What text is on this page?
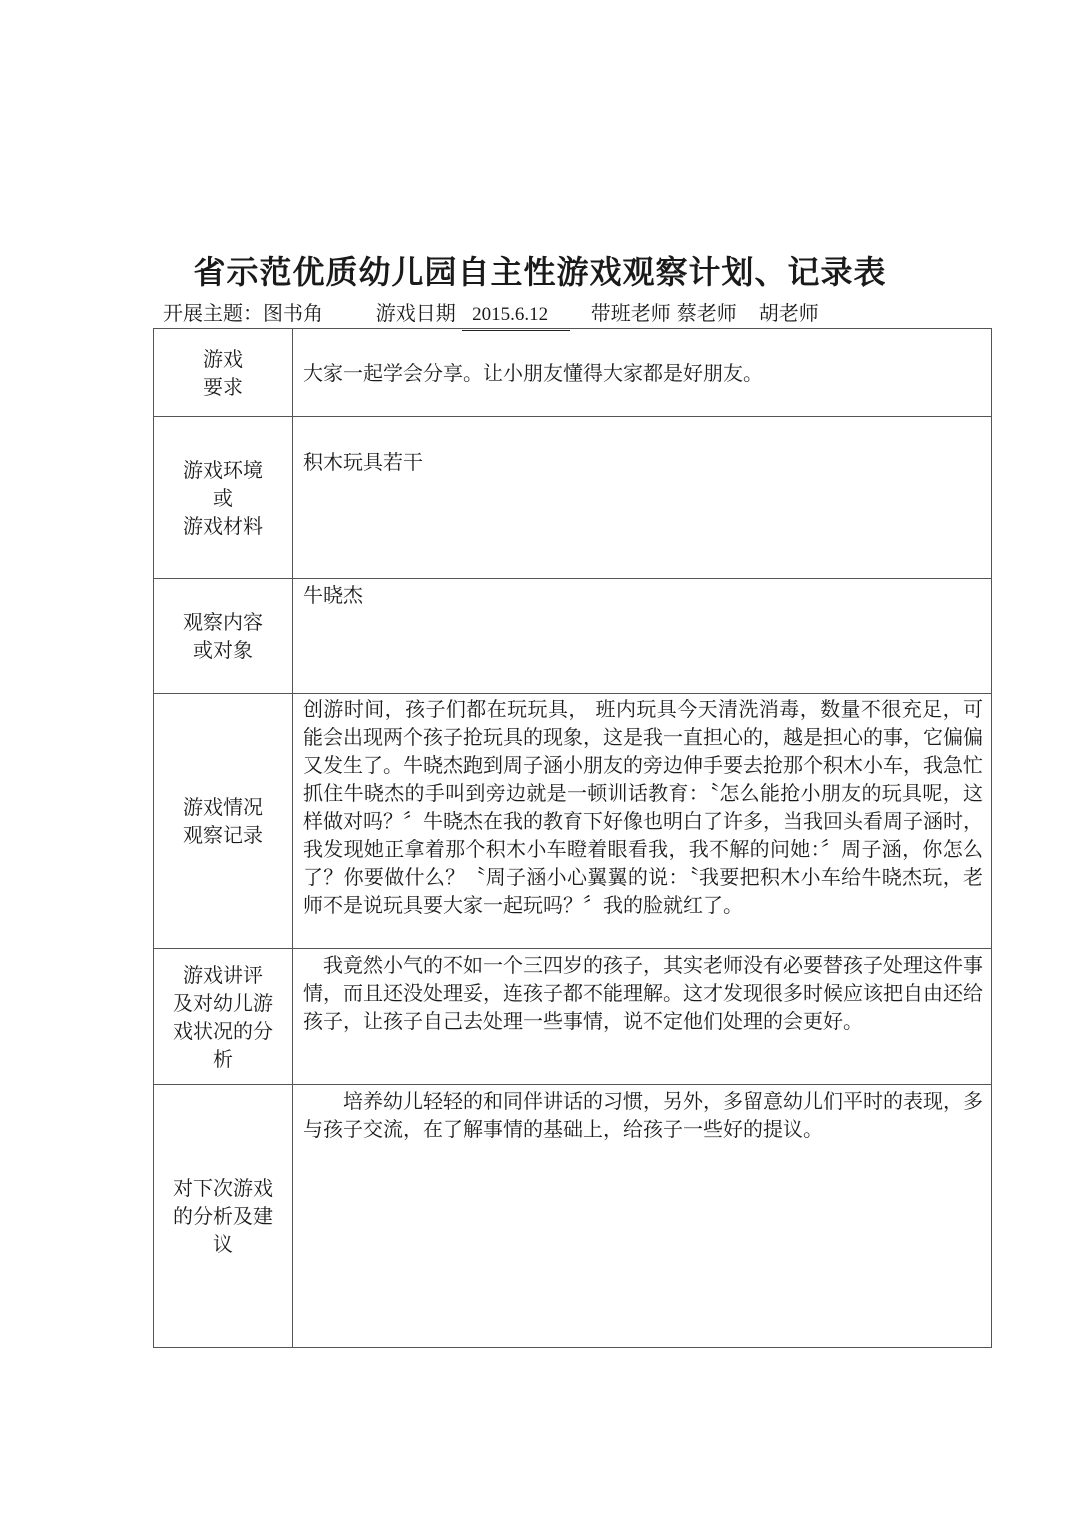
省示范优质幼儿园自主性游戏观察计划、记录表
开展主题：图书角	游戏日期 2015.6.12 带班老师 蔡老师 胡老师
游戏
要求	大家一起学会分享。让小朋友懂得大家都是好朋友。

游戏环境
或
游戏材料	积木玩具若干

观察内容
或对象	牛晓杰

游戏情况
观察记录	创游时间，孩子们都在玩玩具， 班内玩具今天清洗消毒，数量不很充足，可能会出现两个孩子抢玩具的现象，这是我一直担心的，越是担心的事，它偏偏又发生了。牛晓杰跑到周子涵小朋友的旁边伸手要去抢那个积木小车，我急忙抓住牛晓杰的手叫到旁边就是一顿训话教育：〝怎么能抢小朋友的玩具呢，这样做对吗？〞牛晓杰在我的教育下好像也明白了许多，当我回头看周子涵时，我发现她正拿着那个积木小车瞪着眼看我，我不解的问她：〞周子涵，你怎么了？你要做什么？〝周子涵小心翼翼的说：〝我要把积木小车给牛晓杰玩，老师不是说玩具要大家一起玩吗？〞我的脸就红了。

游戏讲评
及对幼儿游
戏状况的分
析	我竟然小气的不如一个三四岁的孩子，其实老师没有必要替孩子处理这件事情，而且还没处理妥，连孩子都不能理解。这才发现很多时候应该把自由还给孩子，让孩子自己去处理一些事情，说不定他们处理的会更好。

对下次游戏
的分析及建
议	培养幼儿轻轻的和同伴讲话的习惯，另外，多留意幼儿们平时的表现，多与孩子交流，在了解事情的基础上，给孩子一些好的提议。
